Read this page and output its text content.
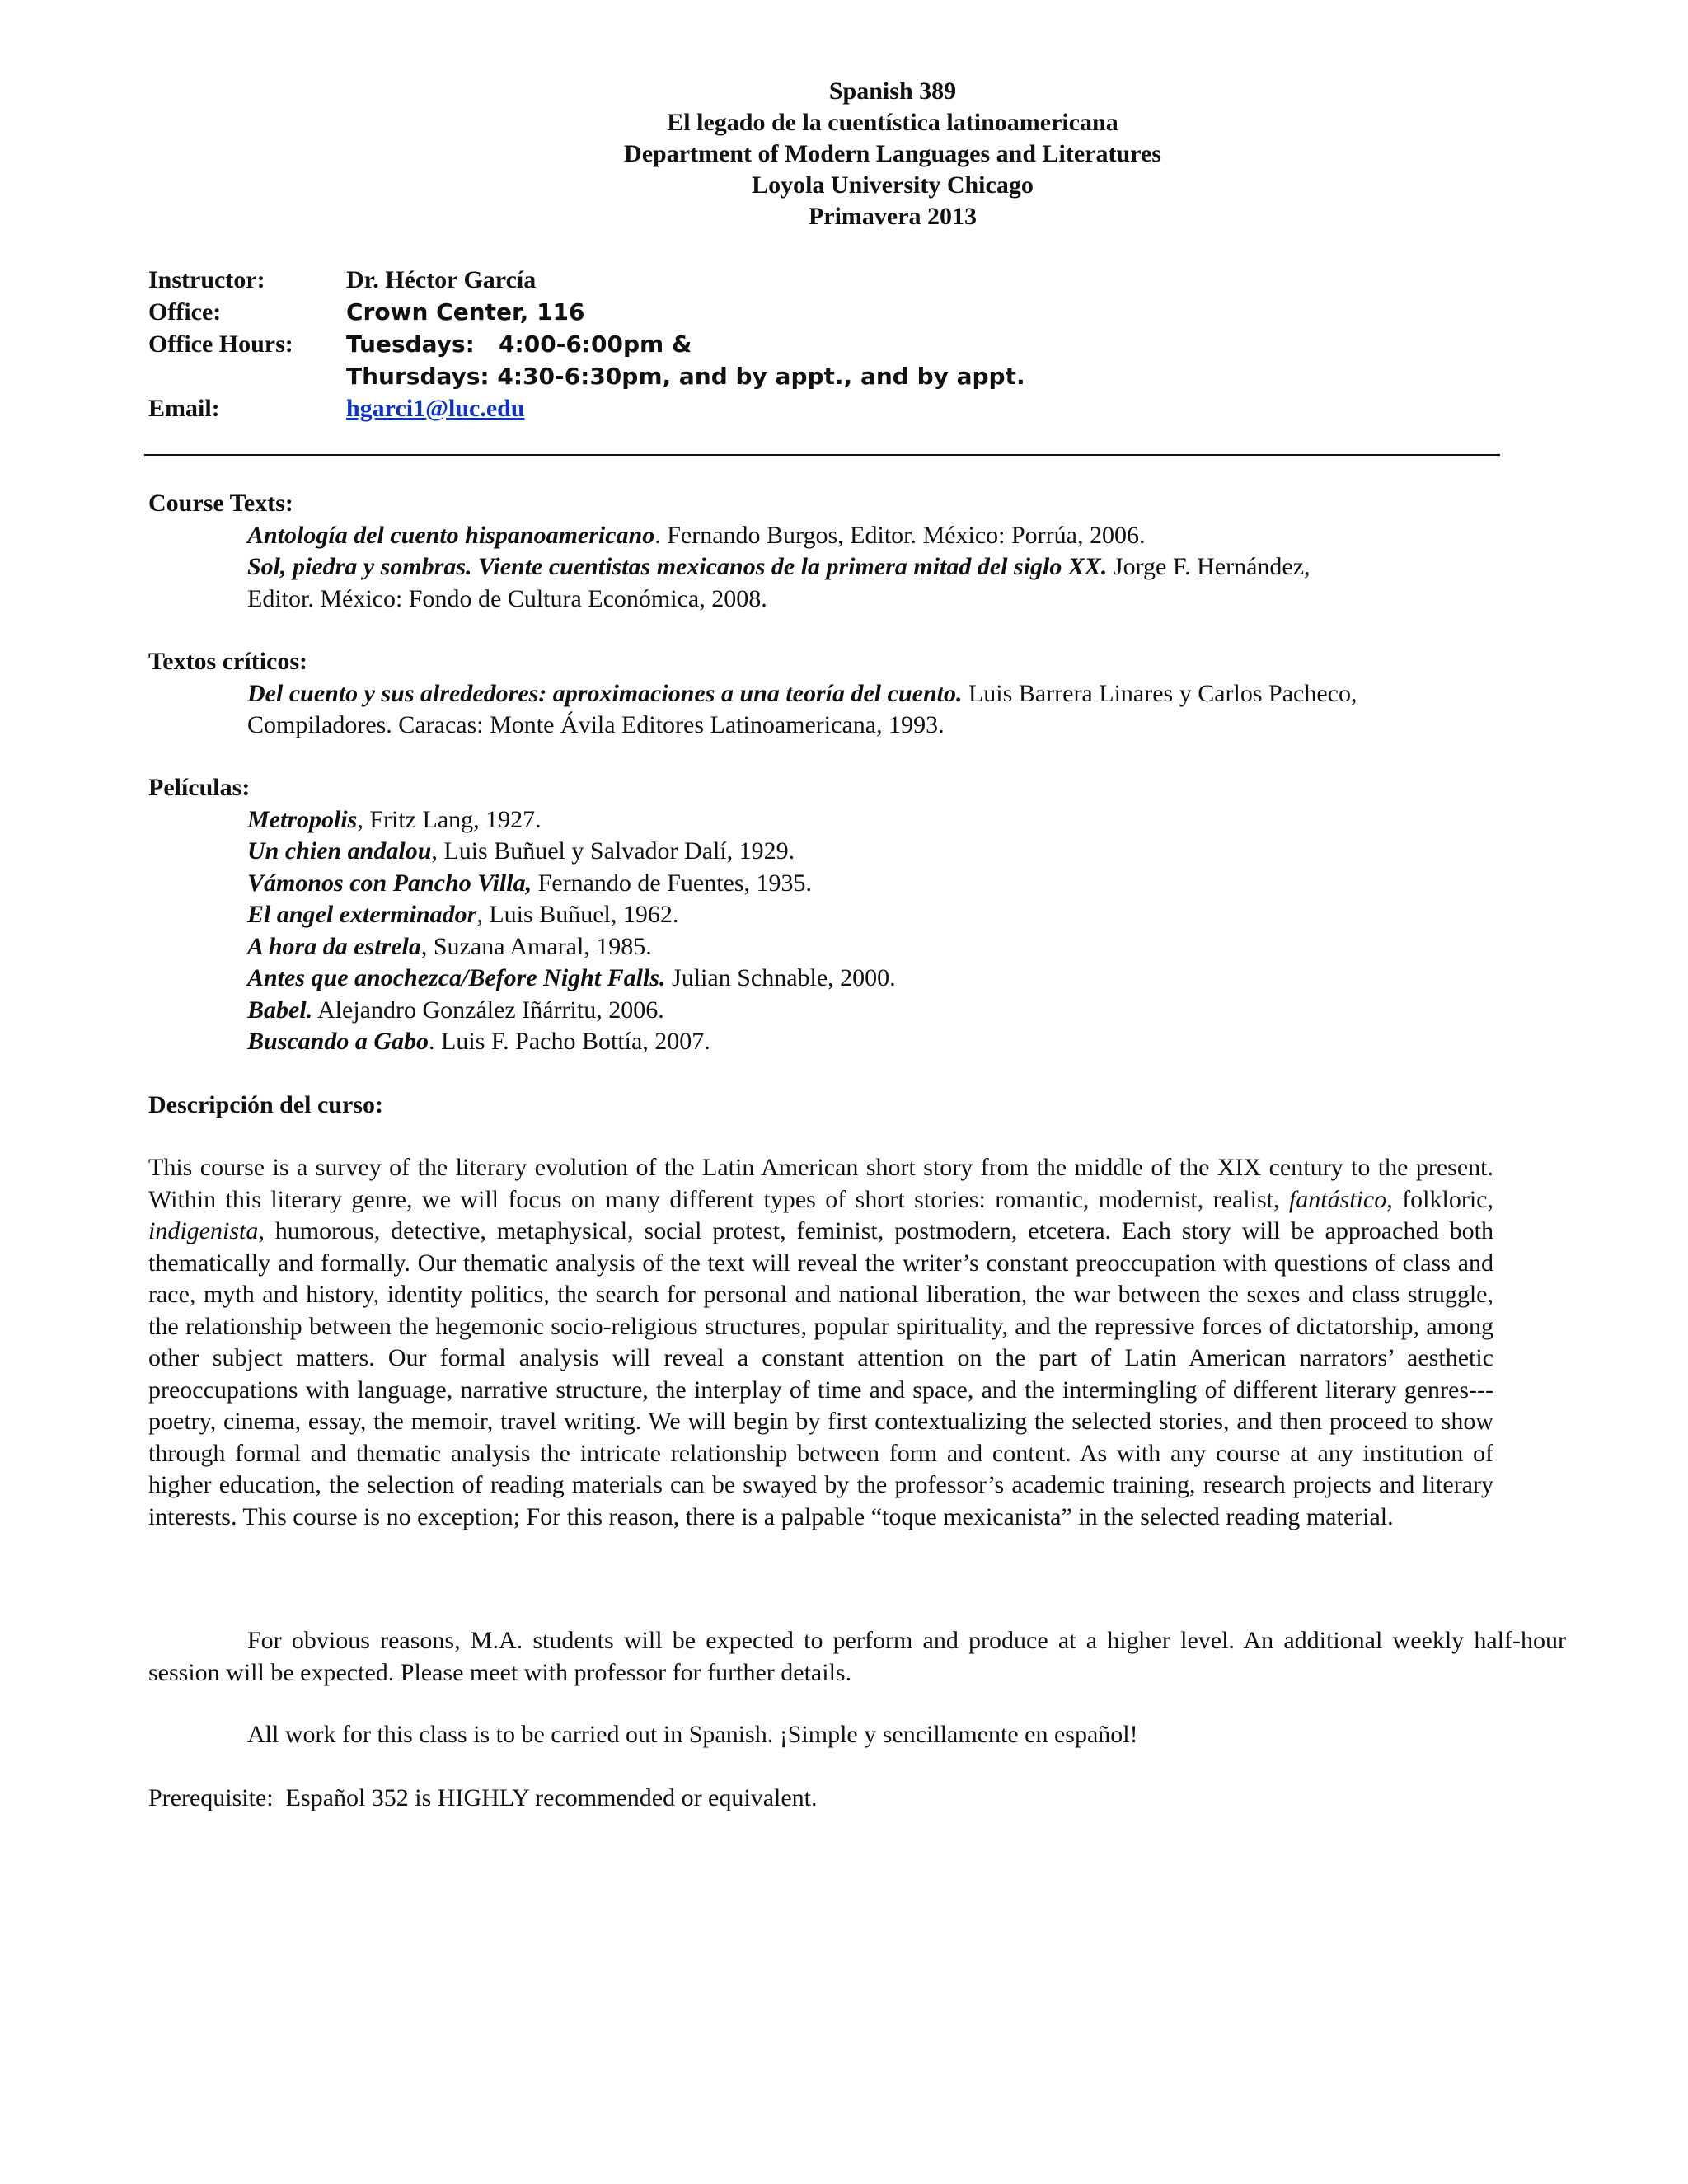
Spanish 389
El legado de la cuentística latinoamericana
Department of Modern Languages and Literatures
Loyola University Chicago
Primavera 2013
Instructor:	Dr. Héctor García
Office:	Crown Center, 116
Office Hours:	Tuesdays:   4:00-6:00pm &
Thursdays: 4:30-6:30pm, and by appt., and by appt.
Email:	hgarci1@luc.edu
Course Texts:

Antología del cuento hispanoamericano. Fernando Burgos, Editor. México: Porrúa, 2006.

Sol, piedra y sombras. Viente cuentistas mexicanos de la primera mitad del siglo XX. Jorge F. Hernández,

Editor. México: Fondo de Cultura Económica, 2008.

Textos críticos:

Del cuento y sus alrededores: aproximaciones a una teoría del cuento. Luis Barrera Linares y Carlos Pacheco,

Compiladores. Caracas: Monte Ávila Editores Latinoamericana, 1993.

Películas:

Metropolis, Fritz Lang, 1927.

Un chien andalou, Luis Buñuel y Salvador Dalí, 1929.

Vámonos con Pancho Villa, Fernando de Fuentes, 1935.

El angel exterminador, Luis Buñuel, 1962.

A hora da estrela, Suzana Amaral, 1985.

Antes que anochezca/Before Night Falls. Julian Schnable, 2000.

Babel. Alejandro González Iñárritu, 2006.

Buscando a Gabo. Luis F. Pacho Bottía, 2007.

Descripción del curso:

This course is a survey of the literary evolution of the Latin American short story from the middle of the XIX century to the present. Within this literary genre, we will focus on many different types of short stories: romantic, modernist, realist, fantástico, folkloric, indigenista, humorous, detective, metaphysical, social protest, feminist, postmodern, etcetera. Each story will be approached both thematically and formally. Our thematic analysis of the text will reveal the writer’s constant preoccupation with questions of class and race, myth and history, identity politics, the search for personal and national liberation, the war between the sexes and class struggle, the relationship between the hegemonic socio-religious structures, popular spirituality, and the repressive forces of dictatorship, among other subject matters. Our formal analysis will reveal a constant attention on the part of Latin American narrators’ aesthetic preoccupations with language, narrative structure, the interplay of time and space, and the intermingling of different literary genres---poetry, cinema, essay, the memoir, travel writing. We will begin by first contextualizing the selected stories, and then proceed to show through formal and thematic analysis the intricate relationship between form and content. As with any course at any institution of higher education, the selection of reading materials can be swayed by the professor’s academic training, research projects and literary interests. This course is no exception; For this reason, there is a palpable “toque mexicanista” in the selected reading material.

For obvious reasons, M.A. students will be expected to perform and produce at a higher level. An additional weekly half-hour session will be expected. Please meet with professor for further details.

All work for this class is to be carried out in Spanish. ¡Simple y sencillamente en español!

Prerequisite:  Español 352 is HIGHLY recommended or equivalent.
